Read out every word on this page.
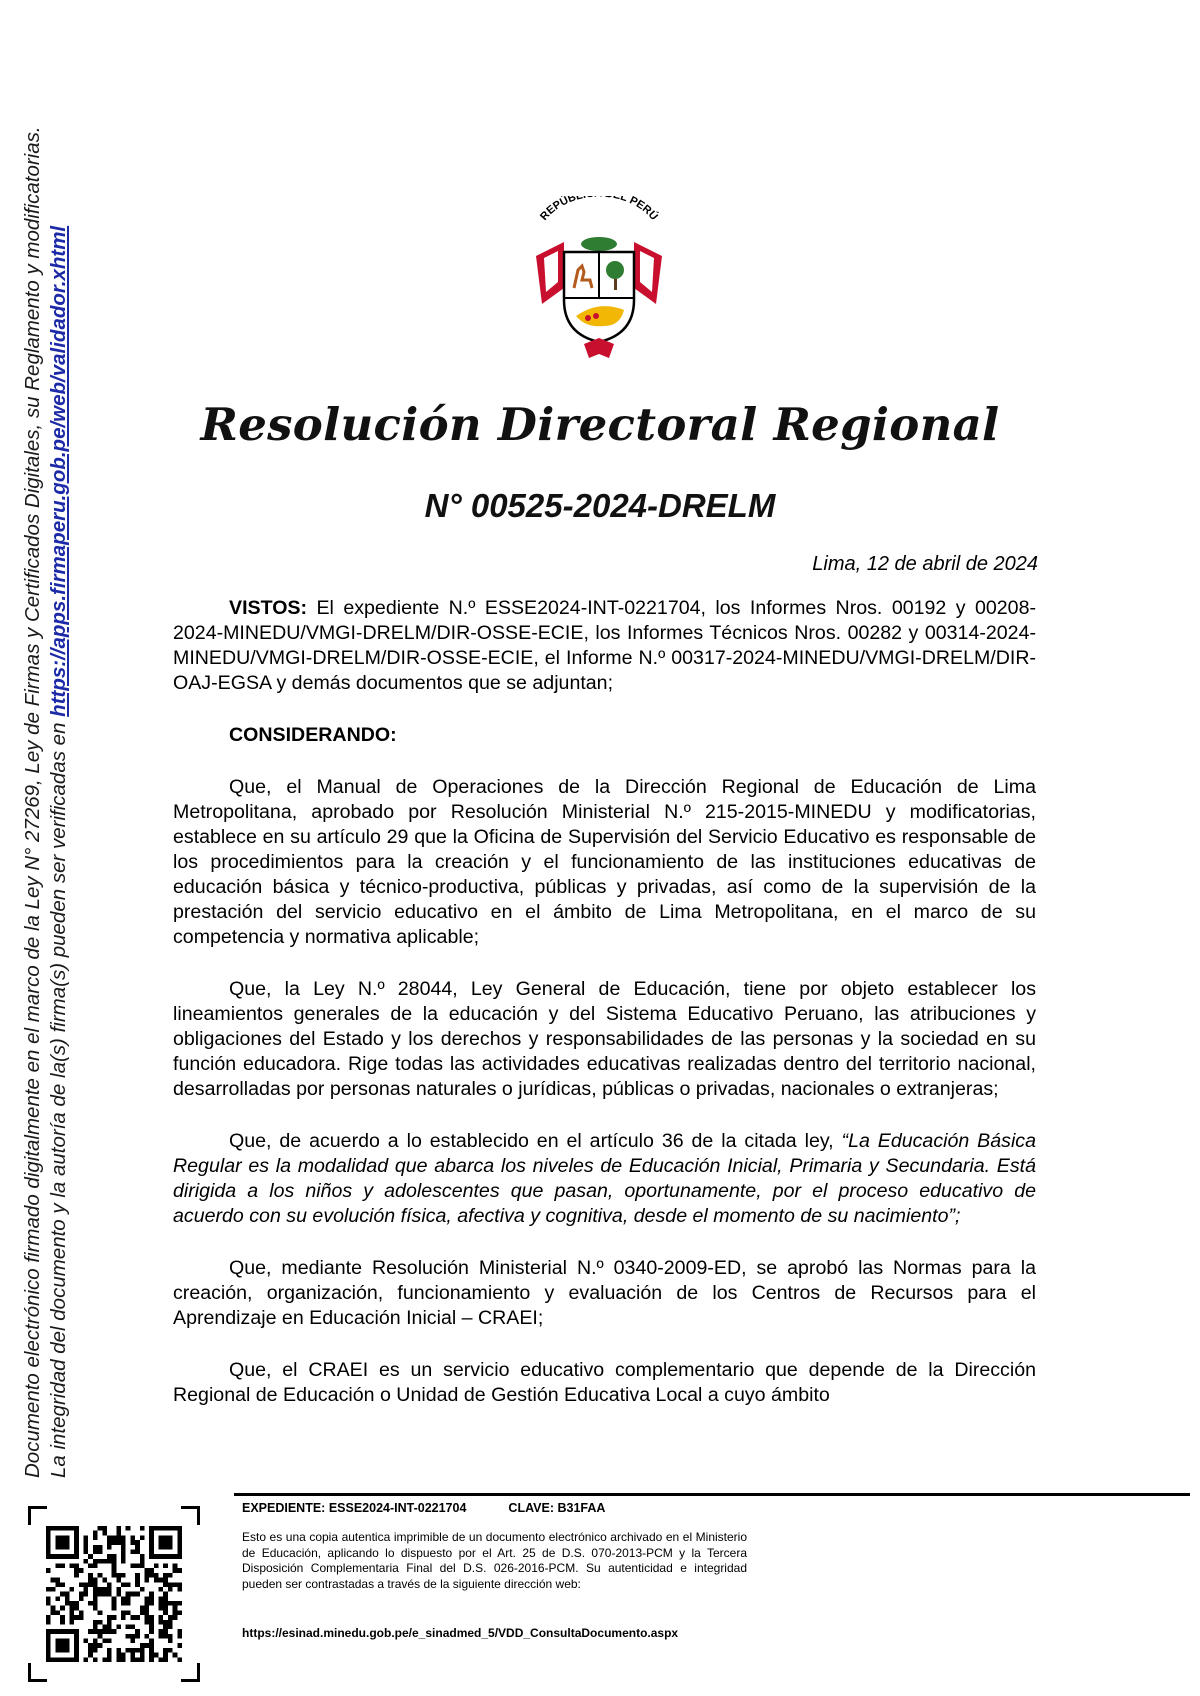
Documento electrónico firmado digitalmente en el marco de la Ley N° 27269, Ley de Firmas y Certificados Digitales, su Reglamento y modificatorias. La integridad del documento y la autoría de la(s) firma(s) pueden ser verificadas en https://apps.firmaperu.gob.pe/web/validador.xhtml
REPÚBL L PERÚ
Resolución Directoral Regional
N° 00525-2024-DRELM
Lima, 12 de abril de 2024

VISTOS: El expediente N.º ESSE2024-INT-0221704, los Informes Nros. 00192 y 00208-2024-MINEDU/VMGI-DRELM/DIR-OSSE-ECIE, los Informes Técnicos Nros. 00282 y 00314-2024-MINEDU/VMGI-DRELM/DIR-OSSE-ECIE, el Informe N.º 00317-2024-MINEDU/VMGI-DRELM/DIR-OAJ-EGSA y demás documentos que se adjuntan;

CONSIDERANDO:

Que, el Manual de Operaciones de la Dirección Regional de Educación de Lima Metropolitana, aprobado por Resolución Ministerial N.º 215-2015-MINEDU y modificatorias, establece en su artículo 29 que la Oficina de Supervisión del Servicio Educativo es responsable de los procedimientos para la creación y el funcionamiento de las instituciones educativas de educación básica y técnico-productiva, públicas y privadas, así como de la supervisión de la prestación del servicio educativo en el ámbito de Lima Metropolitana, en el marco de su competencia y normativa aplicable;

Que, la Ley N.º 28044, Ley General de Educación, tiene por objeto establecer los lineamientos generales de la educación y del Sistema Educativo Peruano, las atribuciones y obligaciones del Estado y los derechos y responsabilidades de las personas y la sociedad en su función educadora. Rige todas las actividades educativas realizadas dentro del territorio nacional, desarrolladas por personas naturales o jurídicas, públicas o privadas, nacionales o extranjeras;

Que, de acuerdo a lo establecido en el artículo 36 de la citada ley, “La Educación Básica Regular es la modalidad que abarca los niveles de Educación Inicial, Primaria y Secundaria. Está dirigida a los niños y adolescentes que pasan, oportunamente, por el proceso educativo de acuerdo con su evolución física, afectiva y cognitiva, desde el momento de su nacimiento”;

Que, mediante Resolución Ministerial N.º 0340-2009-ED, se aprobó las Normas para la creación, organización, funcionamiento y evaluación de los Centros de Recursos para el Aprendizaje en Educación Inicial – CRAEI;

Que, el CRAEI es un servicio educativo complementario que depende de la Dirección Regional de Educación o Unidad de Gestión Educativa Local a cuyo ámbito

EXPEDIENTE: ESSE2024-INT-0221704	CLAVE: B31FAA
Esto es una copia autentica imprimible de un documento electrónico archivado en el Ministerio de Educación, aplicando lo dispuesto por el Art. 25 de D.S. 070-2013-PCM y la Tercera Disposición Complementaria Final del D.S. 026-2016-PCM. Su autenticidad e integridad pueden ser contrastadas a través de la siguiente dirección web:
https://esinad.minedu.gob.pe/e_sinadmed_5/VDD_ConsultaDocumento.aspx
